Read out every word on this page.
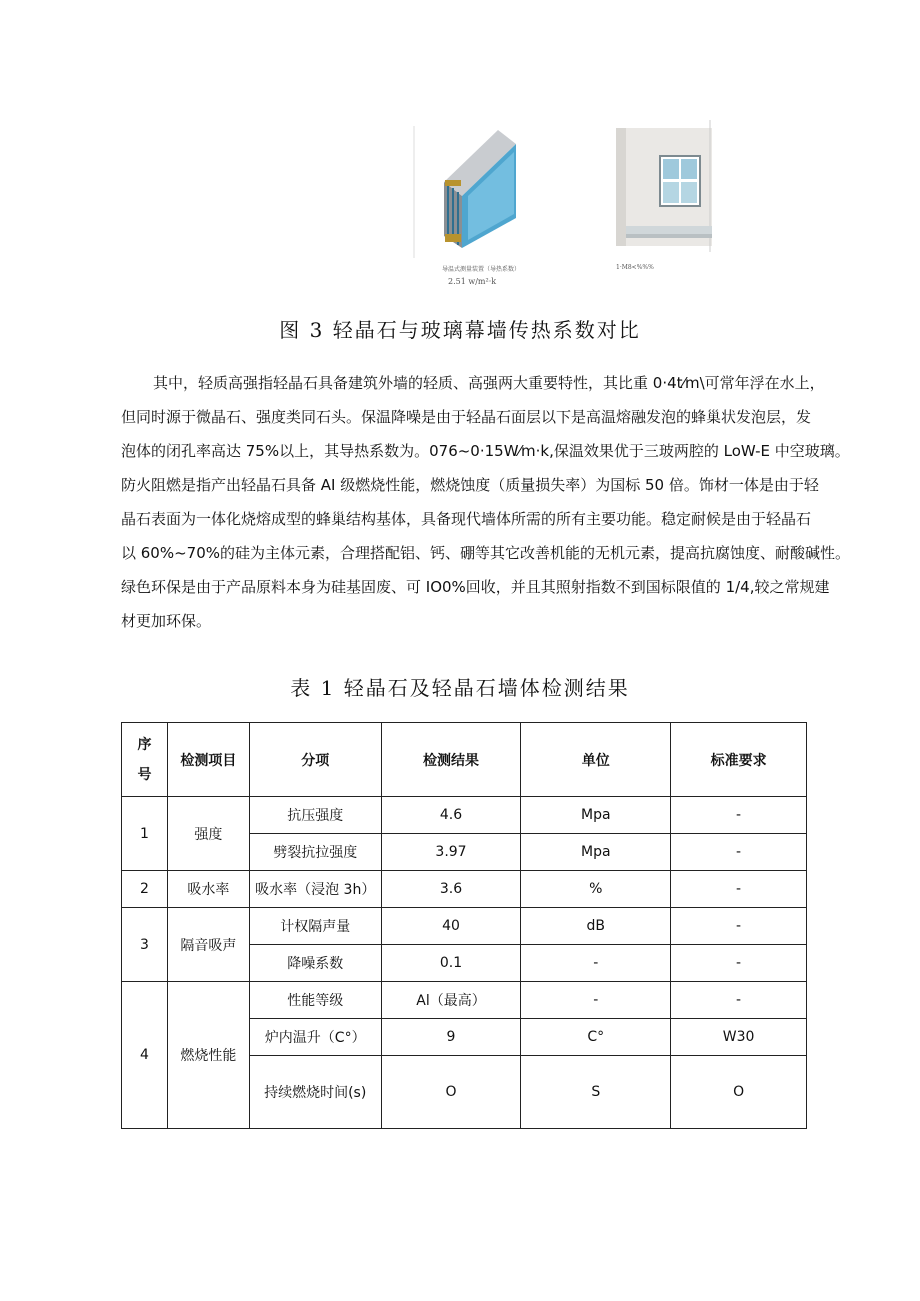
导温式测量装置（导热系数）
2.51 w/m²·k
1·M8<%%%
图 3 轻晶石与玻璃幕墙传热系数对比
其中，轻质高强指轻晶石具备建筑外墙的轻质、高强两大重要特性，其比重 0·4t⁄m\可常年浮在水上，
但同时源于微晶石、强度类同石头。保温降噪是由于轻晶石面层以下是高温熔融发泡的蜂巢状发泡层，发
泡体的闭孔率高达 75%以上，其导热系数为。076~0·15W⁄m·k,保温效果优于三玻两腔的 LoW-E 中空玻璃。
防火阻燃是指产出轻晶石具备 AI 级燃烧性能，燃烧蚀度（质量损失率）为国标 50 倍。饰材一体是由于轻
晶石表面为一体化烧熔成型的蜂巢结构基体，具备现代墙体所需的所有主要功能。稳定耐候是由于轻晶石
以 60%~70%的硅为主体元素，合理搭配铝、钙、硼等其它改善机能的无机元素，提高抗腐蚀度、耐酸碱性。
绿色环保是由于产品原料本身为硅基固废、可 IO0%回收，并且其照射指数不到国标限值的 1/4,较之常规建
材更加环保。
表 1 轻晶石及轻晶石墙体检测结果
序
号	检测项目	分项	检测结果	单位	标准要求
1	强度	抗压强度	4.6	Mpa	-
		劈裂抗拉强度	3.97	Mpa	-
2	吸水率	吸水率（浸泡 3h）	3.6	%	-
3	隔音吸声	计权隔声量	40	dB	-
		降噪系数	0.1	-	-
4	燃烧性能	性能等级	Al（最高）	-	-
		炉内温升（C°）	9	C°	W30
		持续燃烧时间(s)	O	S	O
